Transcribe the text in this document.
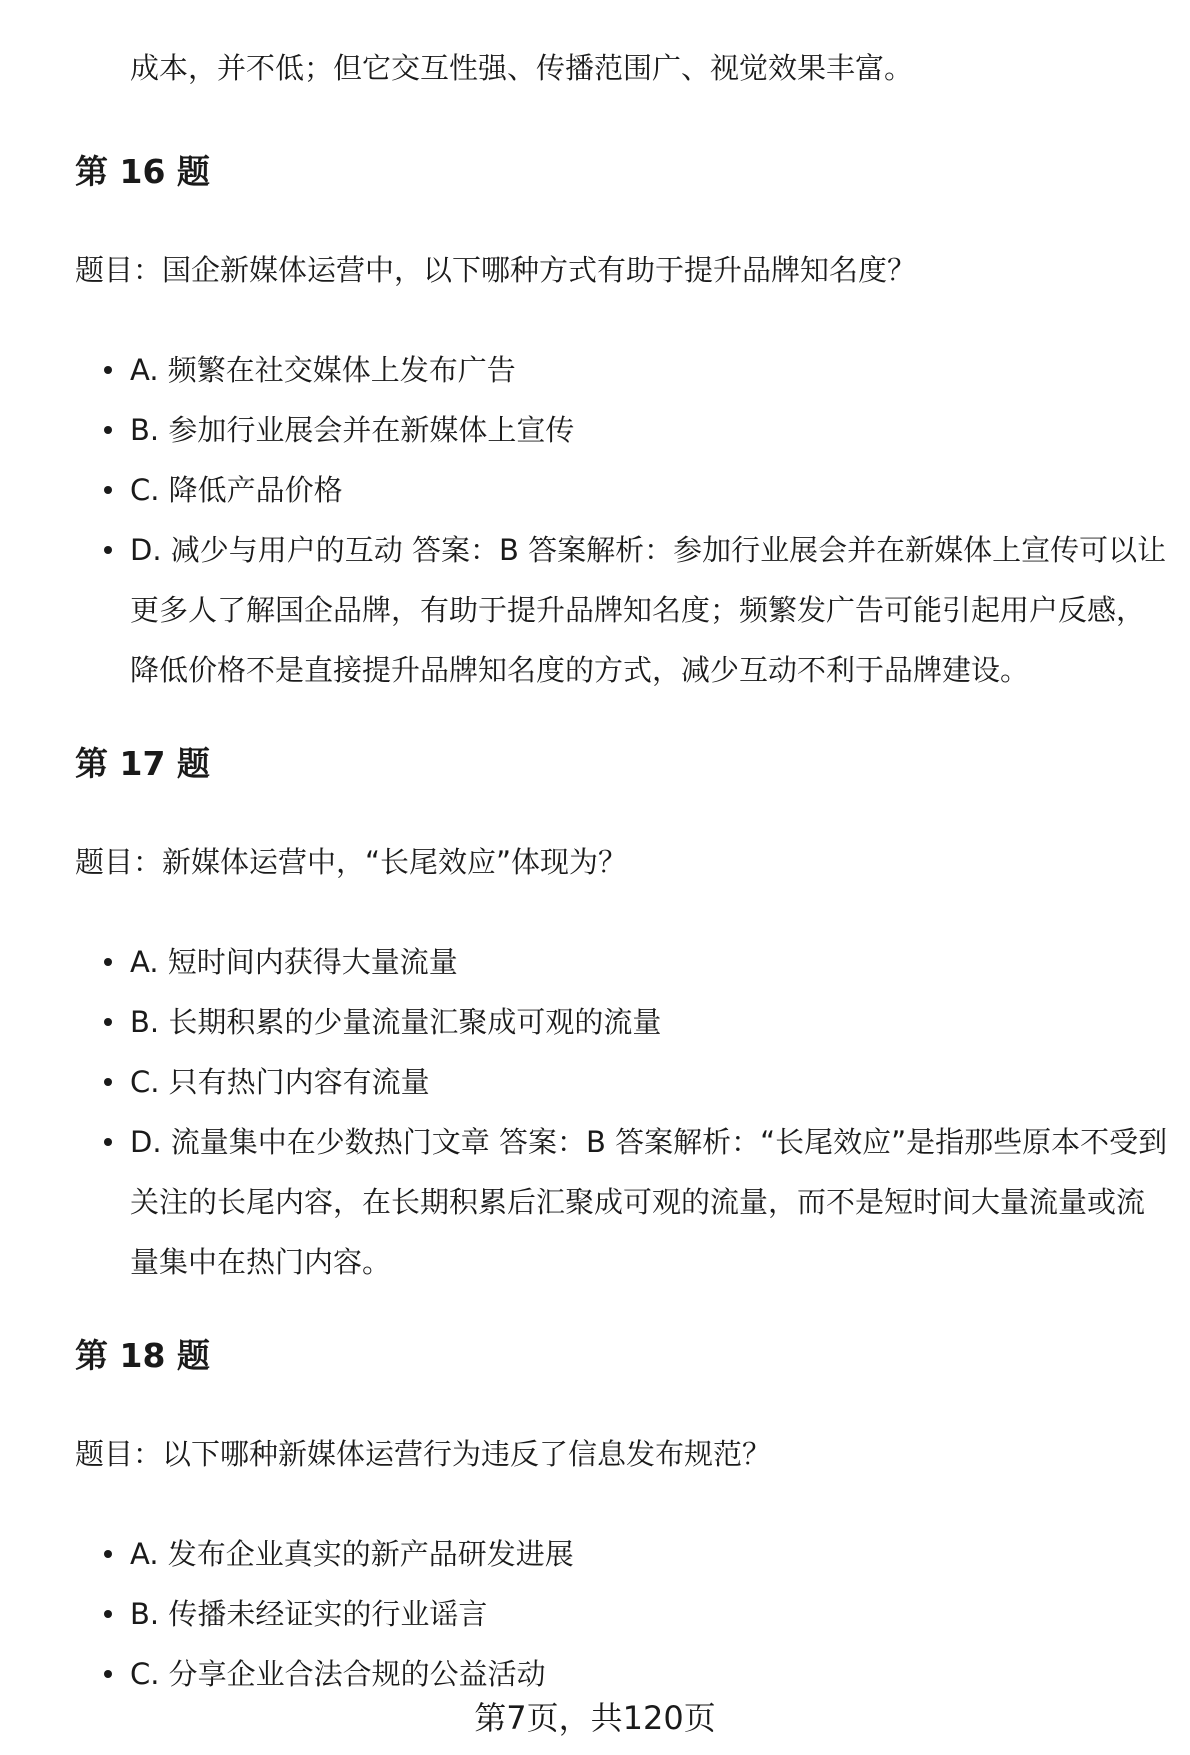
成本，并不低；但它交互性强、传播范围广、视觉效果丰富。

第 16 题

题目：国企新媒体运营中，以下哪种方式有助于提升品牌知名度？

A. 频繁在社交媒体上发布广告
B. 参加行业展会并在新媒体上宣传
C. 降低产品价格
D. 减少与用户的互动 答案：B 答案解析：参加行业展会并在新媒体上宣传可以让更多人了解国企品牌，有助于提升品牌知名度；频繁发广告可能引起用户反感，降低价格不是直接提升品牌知名度的方式，减少互动不利于品牌建设。
第 17 题

题目：新媒体运营中，“长尾效应”体现为？

A. 短时间内获得大量流量
B. 长期积累的少量流量汇聚成可观的流量
C. 只有热门内容有流量
D. 流量集中在少数热门文章 答案：B 答案解析：“长尾效应”是指那些原本不受到关注的长尾内容，在长期积累后汇聚成可观的流量，而不是短时间大量流量或流量集中在热门内容。
第 18 题

题目：以下哪种新媒体运营行为违反了信息发布规范？

A. 发布企业真实的新产品研发进展
B. 传播未经证实的行业谣言
C. 分享企业合法合规的公益活动

第7页，共120页
